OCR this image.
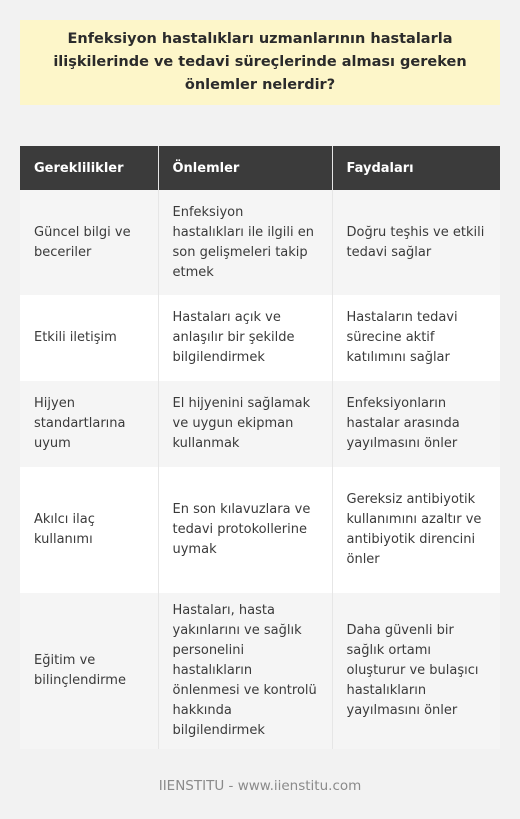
Enfeksiyon hastalıkları uzmanlarının hastalarla ilişkilerinde ve tedavi süreçlerinde alması gereken önlemler nelerdir?
Gereklilikler	Önlemler	Faydaları
Güncel bilgi ve beceriler	Enfeksiyon hastalıkları ile ilgili en son gelişmeleri takip etmek	Doğru teşhis ve etkili tedavi sağlar
Etkili iletişim	Hastaları açık ve anlaşılır bir şekilde bilgilendirmek	Hastaların tedavi sürecine aktif katılımını sağlar
Hijyen standartlarına uyum	El hijyenini sağlamak ve uygun ekipman kullanmak	Enfeksiyonların hastalar arasında yayılmasını önler
Akılcı ilaç kullanımı	En son kılavuzlara ve tedavi protokollerine uymak	Gereksiz antibiyotik kullanımını azaltır ve antibiyotik direncini önler
Eğitim ve bilinçlendirme	Hastaları, hasta yakınlarını ve sağlık personelini hastalıkların önlenmesi ve kontrolü hakkında bilgilendirmek	Daha güvenli bir sağlık ortamı oluşturur ve bulaşıcı hastalıkların yayılmasını önler
IIENSTITU - www.iienstitu.com
